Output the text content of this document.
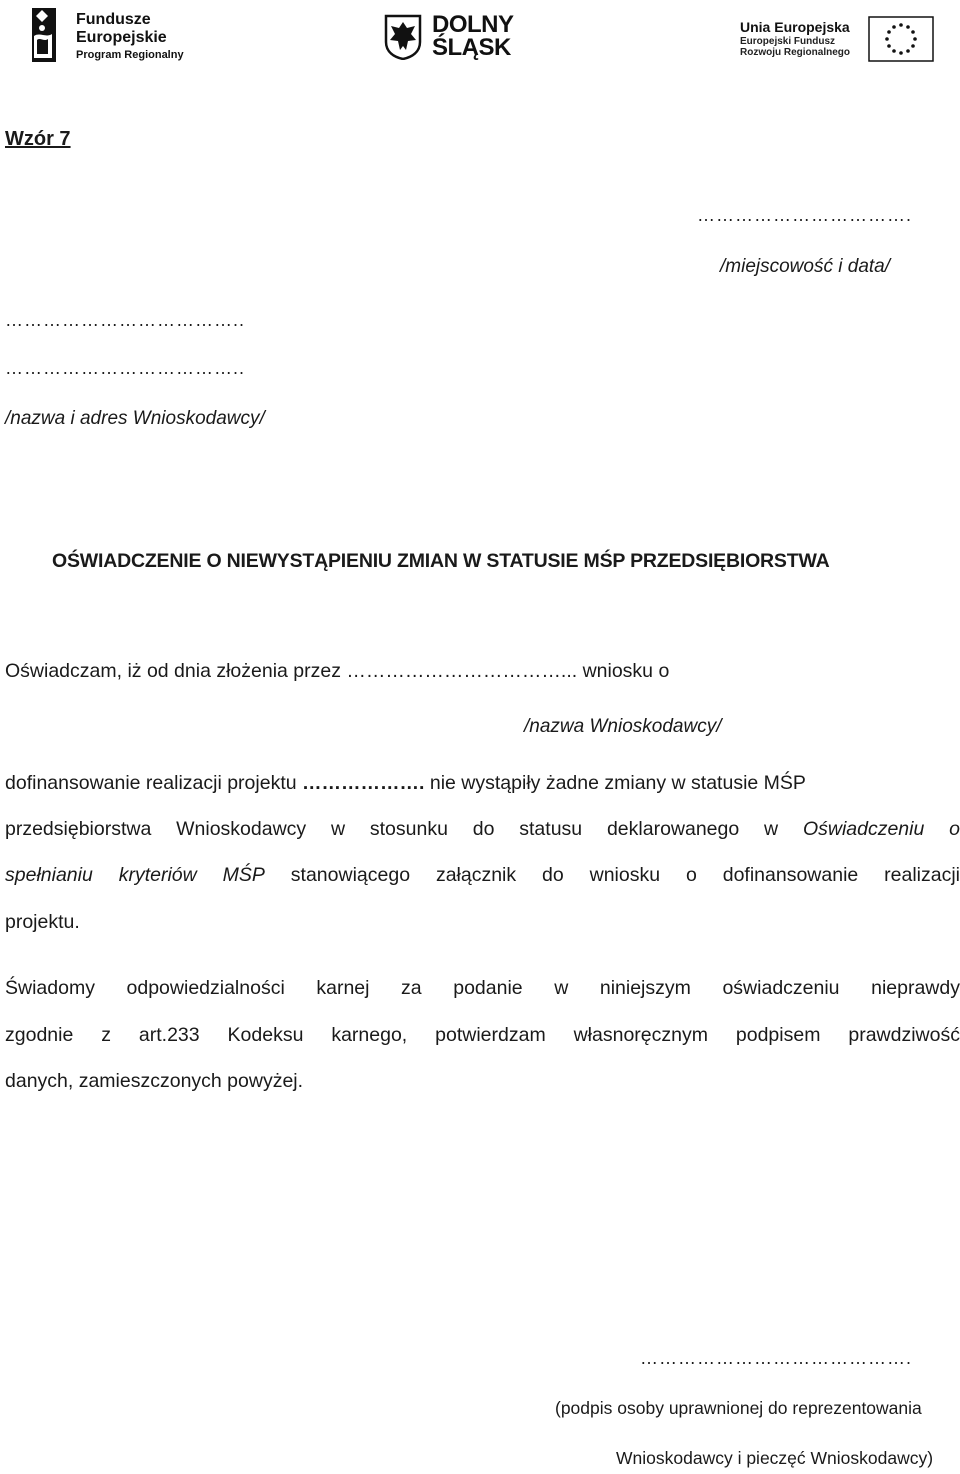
Fundusze
Europejskie
Program Regionalny
DOLNY
ŚLĄSK
Unia Europejska
Europejski Fundusz
Rozwoju Regionalnego
Wzór 7
…………………………….
/miejscowość i data/
………………………………..
………………………………..
/nazwa i adres Wnioskodawcy/
OŚWIADCZENIE O NIEWYSTĄPIENIU ZMIAN W STATUSIE MŚP PRZEDSIĘBIORSTWA
Oświadczam, iż od dnia złożenia przez ……………………………... wniosku o
/nazwa Wnioskodawcy/
dofinansowanie realizacji projektu ………………. nie wystąpiły żadne zmiany w statusie MŚP
przedsiębiorstwa Wnioskodawcy w stosunku do statusu deklarowanego w Oświadczeniu o
spełnianiu kryteriów MŚP stanowiącego załącznik do wniosku o dofinansowanie realizacji
projektu.
Świadomy odpowiedzialności karnej za podanie w niniejszym oświadczeniu nieprawdy
zgodnie z art.233 Kodeksu karnego, potwierdzam własnoręcznym podpisem prawdziwość
danych, zamieszczonych powyżej.
…………………………………….
(podpis osoby uprawnionej do reprezentowania
Wnioskodawcy i pieczęć Wnioskodawcy)
